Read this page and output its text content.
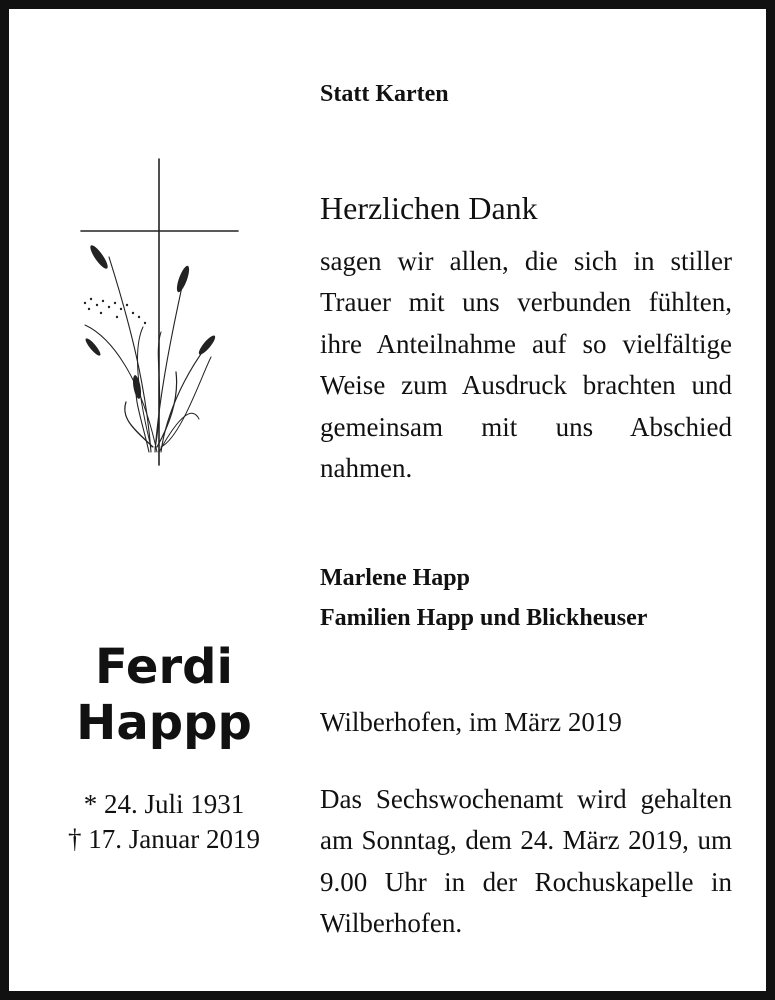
Statt Karten
Herzlichen Dank
sagen wir allen, die sich in stiller Trauer mit uns verbunden fühlten, ihre Anteilnahme auf so vielfältige Weise zum Ausdruck brachten und gemeinsam mit uns Abschied nahmen.
Marlene Happ
Familien Happ und Blickheuser
Wilberhofen, im März 2019
Ferdi
Happp
* 24. Juli 1931
† 17. Januar 2019
Das Sechswochenamt wird gehalten am Sonntag, dem 24. März 2019, um 9.00 Uhr in der Rochuskapelle in Wilberhofen.
